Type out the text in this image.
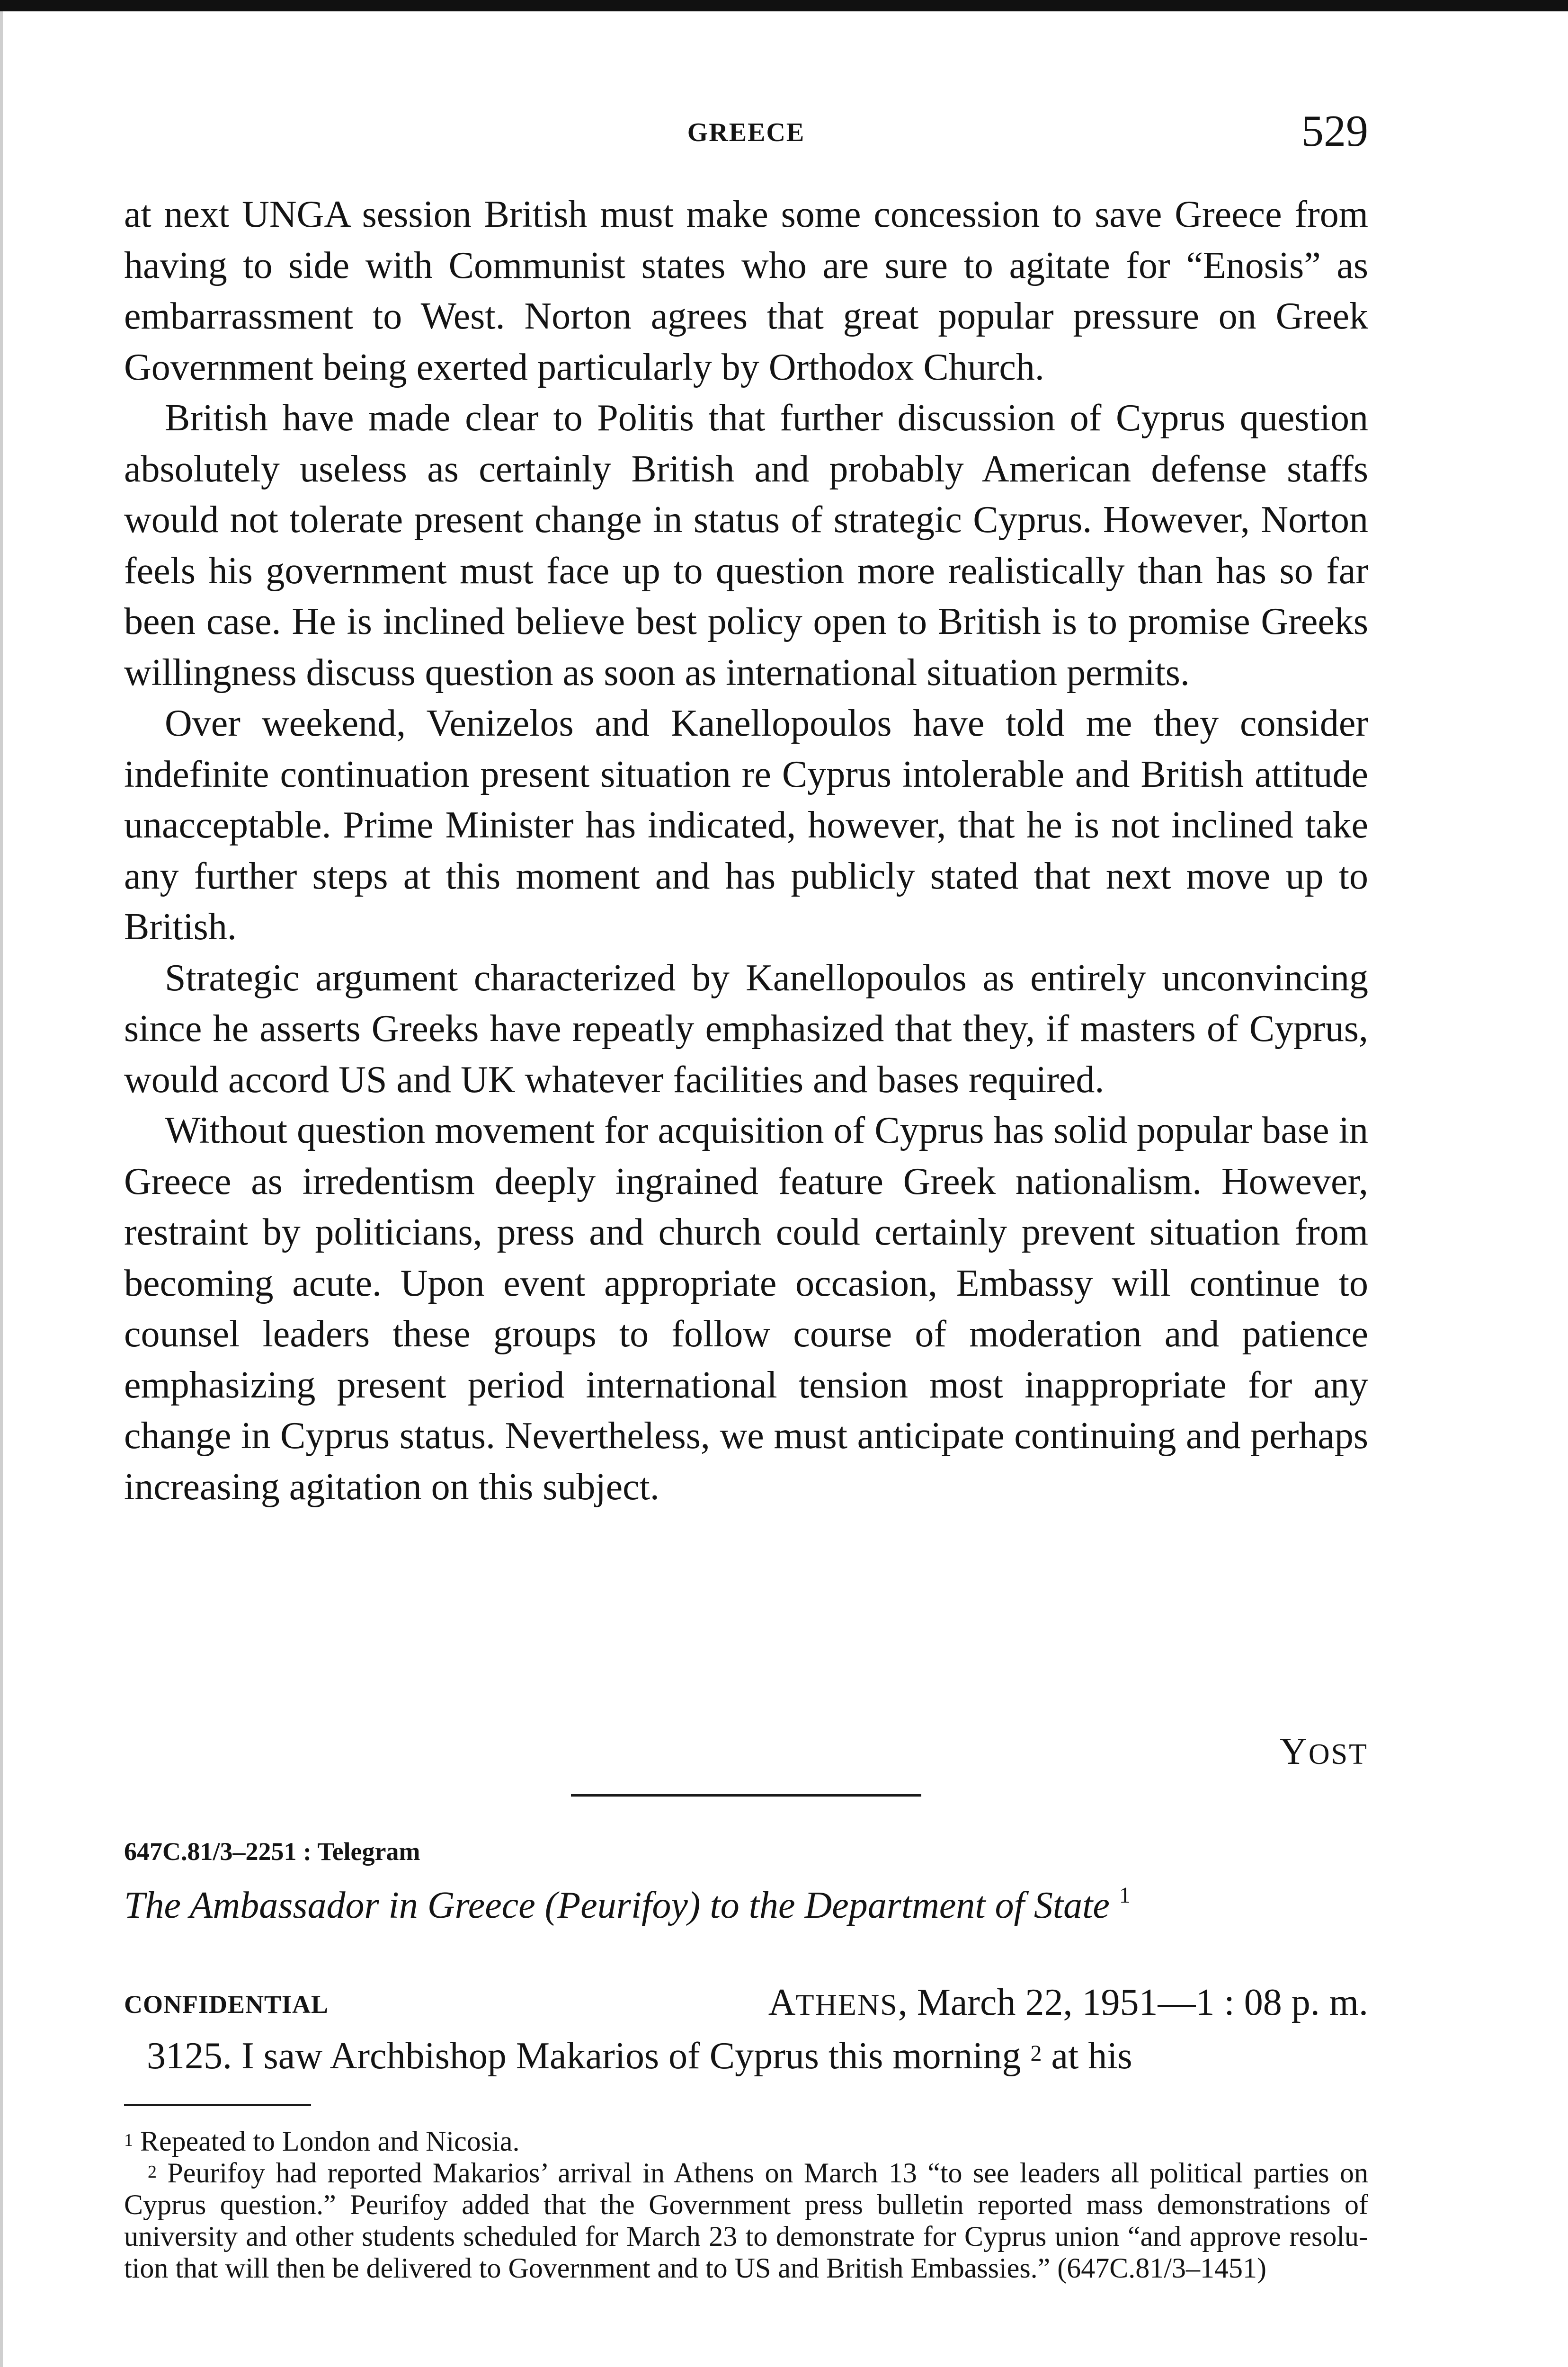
GREECE	529

at next UNGA session British must make some concession to save Greece from having to side with Communist states who are sure to agitate for “Enosis” as embarrassment to West. Norton agrees that great popular pressure on Greek Government being exerted particularly by Orthodox Church.

British have made clear to Politis that further discussion of Cyprus question absolutely useless as certainly British and probably American defense staffs would not tolerate present change in status of strategic Cyprus. However, Norton feels his government must face up to question more realistically than has so far been case. He is inclined believe best policy open to British is to promise Greeks willingness discuss question as soon as international situation permits.

Over weekend, Venizelos and Kanellopoulos have told me they consider indefinite continuation present situation re Cyprus intolerable and British attitude unacceptable. Prime Minister has indicated, however, that he is not inclined take any further steps at this moment and has publicly stated that next move up to British.

Strategic argument characterized by Kanellopoulos as entirely unconvincing since he asserts Greeks have repeatly emphasized that they, if masters of Cyprus, would accord US and UK whatever facilities and bases required.

Without question movement for acquisition of Cyprus has solid popular base in Greece as irredentism deeply ingrained feature Greek nationalism. However, restraint by politicians, press and church could certainly prevent situation from becoming acute. Upon event appropriate occasion, Embassy will continue to counsel leaders these groups to follow course of moderation and patience emphasizing present period international tension most inappropriate for any change in Cyprus status. Nevertheless, we must anticipate continuing and perhaps increasing agitation on this subject.

YOST
647C.81/3–2251 : Telegram
The Ambassador in Greece (Peurifoy) to the Department of State $^1$
CONFIDENTIAL	ATHENS, March 22, 1951—1 : 08 p. m.
3125. I saw Archbishop Makarios of Cyprus this morning $^2$ at his

$^1$ Repeated to London and Nicosia.

$^2$ Peurifoy had reported Makarios’ arrival in Athens on March 13 “to see leaders all political parties on Cyprus question.” Peurifoy added that the Government press bulletin reported mass demonstrations of university and other students scheduled for March 23 to demonstrate for Cyprus union “and approve resolution that will then be delivered to Government and to US and British Embassies.” (647C.81/3–1451)
